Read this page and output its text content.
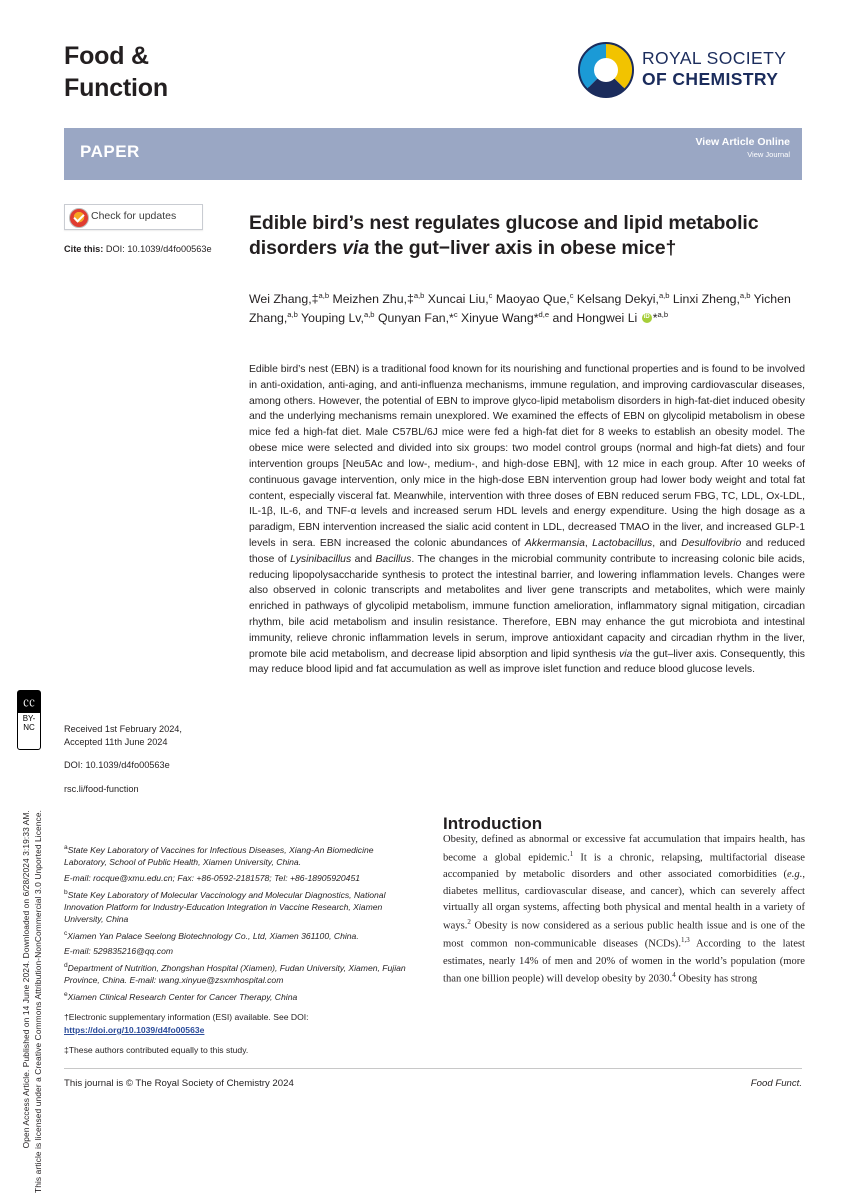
Open Access Article. Published on 14 June 2024. Downloaded on 6/28/2024 3:19:33 AM. This article is licensed under a Creative Commons Attribution-NonCommercial 3.0 Unported Licence.
㏄
BY-NC
Food &
Function
ROYAL SOCIETY
OF CHEMISTRY
PAPER	View Article Online
View Journal
Check for updates
Cite this: DOI: 10.1039/d4fo00563e
Received 1st February 2024,
Accepted 11th June 2024
DOI: 10.1039/d4fo00563e
rsc.li/food-function
Edible bird’s nest regulates glucose and lipid metabolic disorders via the gut−liver axis in obese mice†
Wei Zhang,‡$^{a,b}$ Meizhen Zhu,‡$^{a,b}$ Xuncai Liu,$^c$ Maoyao Que,$^c$ Kelsang Dekyi,$^{a,b}$ Linxi Zheng,$^{a,b}$ Yichen Zhang,$^{a,b}$ Youping Lv,$^{a,b}$ Qunyan Fan,*$^c$ Xinyue Wang*$^{d,e}$ and Hongwei Li iD*$^{a,b}$
Edible bird’s nest (EBN) is a traditional food known for its nourishing and functional properties and is found to be involved in anti-oxidation, anti-aging, and anti-influenza mechanisms, immune regulation, and improving cardiovascular diseases, among others. However, the potential of EBN to improve glyco-lipid metabolism disorders in high-fat-diet induced obesity and the underlying mechanisms remain unexplored. We examined the effects of EBN on glycolipid metabolism in obese mice fed a high-fat diet. Male C57BL/6J mice were fed a high-fat diet for 8 weeks to establish an obesity model. The obese mice were selected and divided into six groups: two model control groups (normal and high-fat diets) and four intervention groups [Neu5Ac and low-, medium-, and high-dose EBN], with 12 mice in each group. After 10 weeks of continuous gavage intervention, only mice in the high-dose EBN intervention group had lower body weight and total fat content, especially visceral fat. Meanwhile, intervention with three doses of EBN reduced serum FBG, TC, LDL, Ox-LDL, IL-1β, IL-6, and TNF-α levels and increased serum HDL levels and energy expenditure. Using the high dosage as a paradigm, EBN intervention increased the sialic acid content in LDL, decreased TMAO in the liver, and increased GLP-1 levels in sera. EBN increased the colonic abundances of Akkermansia, Lactobacillus, and Desulfovibrio and reduced those of Lysinibacillus and Bacillus. The changes in the microbial community contribute to increasing colonic bile acids, reducing lipopolysaccharide synthesis to protect the intestinal barrier, and lowering inflammation levels. Changes were also observed in colonic transcripts and metabolites and liver gene transcripts and metabolites, which were mainly enriched in pathways of glycolipid metabolism, immune function amelioration, inflammatory signal mitigation, circadian rhythm, bile acid metabolism and insulin resistance. Therefore, EBN may enhance the gut microbiota and intestinal immunity, relieve chronic inflammation levels in serum, improve antioxidant capacity and circadian rhythm in the liver, promote bile acid metabolism, and decrease lipid absorption and lipid synthesis via the gut–liver axis. Consequently, this may reduce blood lipid and fat accumulation as well as improve islet function and reduce blood glucose levels.
$^a$State Key Laboratory of Vaccines for Infectious Diseases, Xiang-An Biomedicine Laboratory, School of Public Health, Xiamen University, China.
E-mail: rocque@xmu.edu.cn; Fax: +86-0592-2181578; Tel: +86-18905920451
$^b$State Key Laboratory of Molecular Vaccinology and Molecular Diagnostics, National Innovation Platform for Industry-Education Integration in Vaccine Research, Xiamen University, China
$^c$Xiamen Yan Palace Seelong Biotechnology Co., Ltd, Xiamen 361100, China.
E-mail: 529835216@qq.com
$^d$Department of Nutrition, Zhongshan Hospital (Xiamen), Fudan University, Xiamen, Fujian Province, China. E-mail: wang.xinyue@zsxmhospital.com
$^e$Xiamen Clinical Research Center for Cancer Therapy, China
†Electronic supplementary information (ESI) available. See DOI: https://doi.org/10.1039/d4fo00563e
‡These authors contributed equally to this study.
Introduction
Obesity, defined as abnormal or excessive fat accumulation that impairs health, has become a global epidemic.$^1$ It is a chronic, relapsing, multifactorial disease accompanied by metabolic disorders and other associated comorbidities (e.g., diabetes mellitus, cardiovascular disease, and cancer), which can severely affect virtually all organ systems, affecting both physical and mental health in a variety of ways.$^2$ Obesity is now considered as a serious public health issue and is one of the most common non-communicable diseases (NCDs).$^{1,3}$ According to the latest estimates, nearly 14% of men and 20% of women in the world’s population (more than one billion people) will develop obesity by 2030.$^4$ Obesity has strong
This journal is © The Royal Society of Chemistry 2024	Food Funct.
